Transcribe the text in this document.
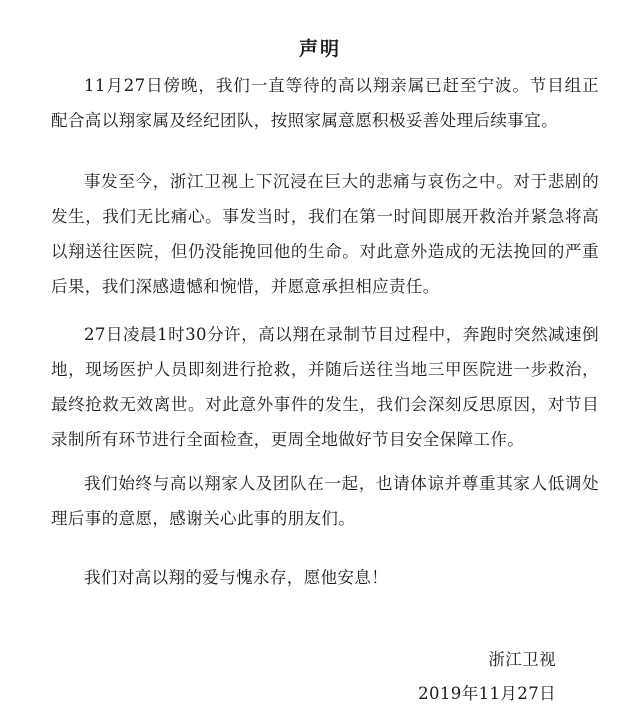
声明

11月27日傍晚，我们一直等待的高以翔亲属已赶至宁波。节目组正配合高以翔家属及经纪团队，按照家属意愿积极妥善处理后续事宜。

事发至今，浙江卫视上下沉浸在巨大的悲痛与哀伤之中。对于悲剧的发生，我们无比痛心。事发当时，我们在第一时间即展开救治并紧急将高以翔送往医院，但仍没能挽回他的生命。对此意外造成的无法挽回的严重后果，我们深感遗憾和惋惜，并愿意承担相应责任。

27日凌晨1时30分许，高以翔在录制节目过程中，奔跑时突然减速倒地，现场医护人员即刻进行抢救，并随后送往当地三甲医院进一步救治，最终抢救无效离世。对此意外事件的发生，我们会深刻反思原因，对节目录制所有环节进行全面检查，更周全地做好节目安全保障工作。

我们始终与高以翔家人及团队在一起，也请体谅并尊重其家人低调处理后事的意愿，感谢关心此事的朋友们。

我们对高以翔的爱与愧永存，愿他安息！

浙江卫视
2019年11月27日
